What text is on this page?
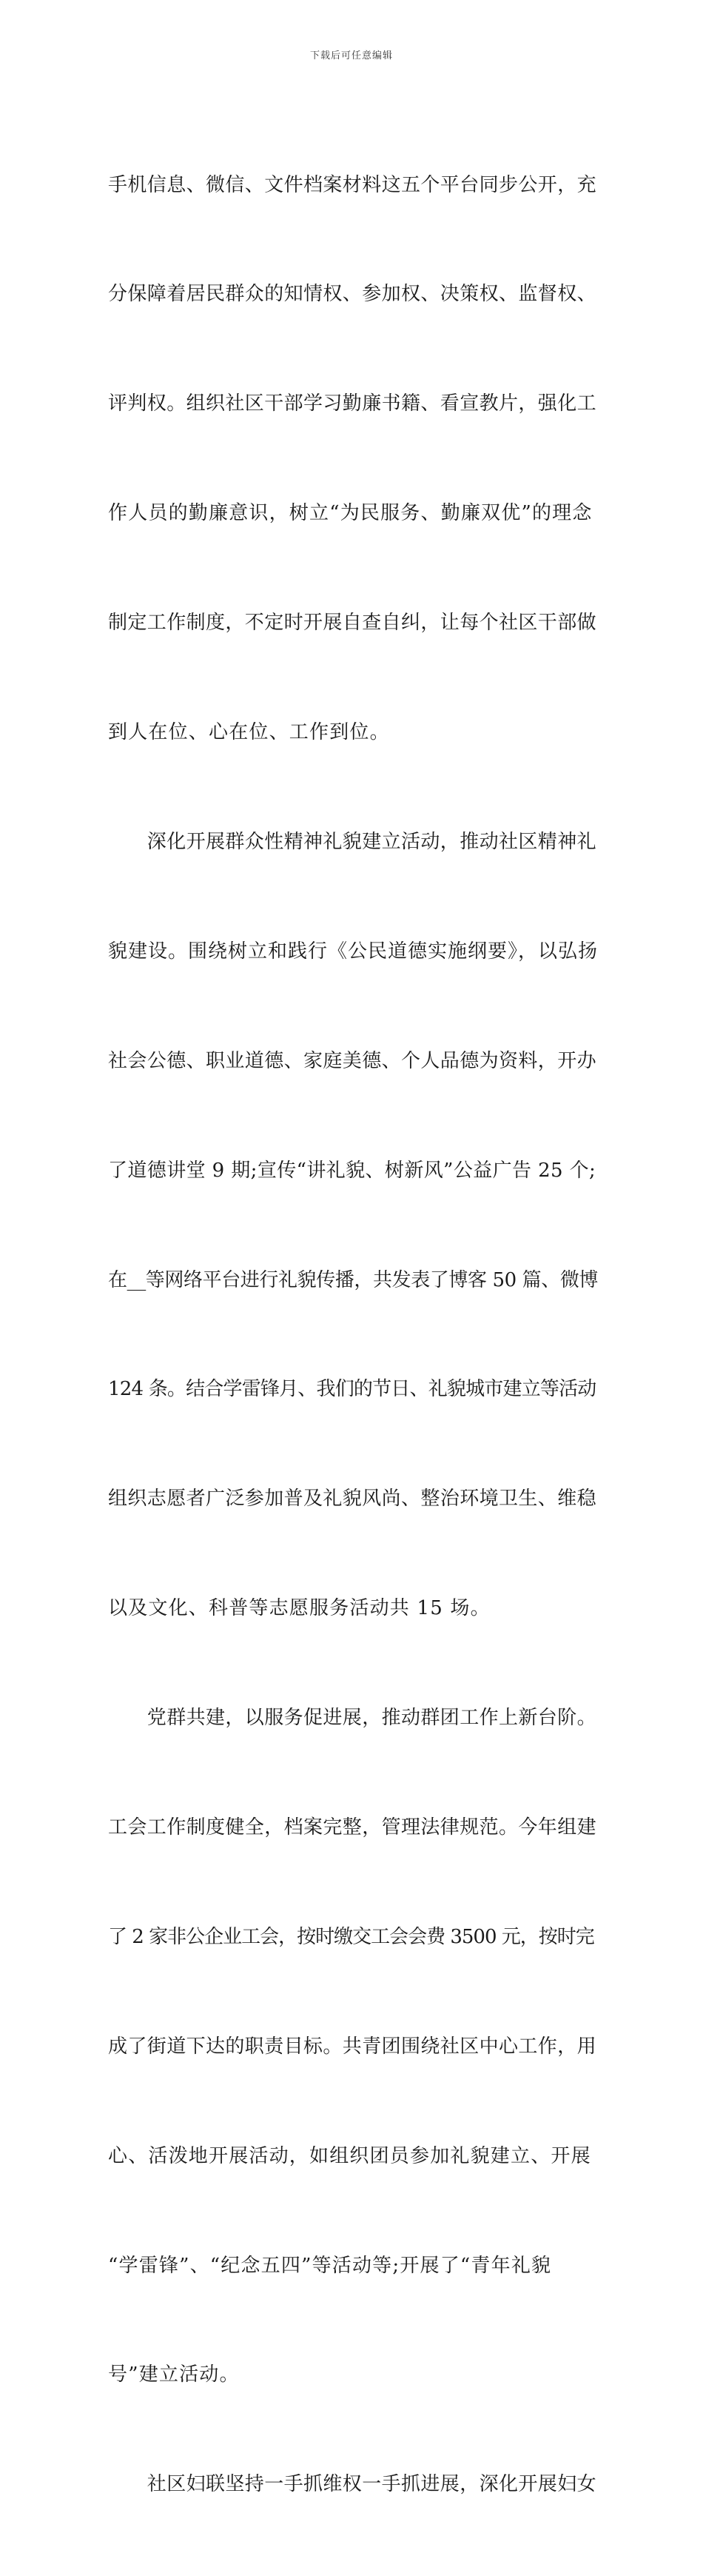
下载后可任意编辑

手机信息、微信、文件档案材料这五个平台同步公开，充

分保障着居民群众的知情权、参加权、决策权、监督权、

评判权。组织社区干部学习勤廉书籍、看宣教片，强化工

作人员的勤廉意识，树立“为民服务、勤廉双优”的理念

制定工作制度，不定时开展自查自纠，让每个社区干部做

到人在位、心在位、工作到位。

　　深化开展群众性精神礼貌建立活动，推动社区精神礼

貌建设。围绕树立和践行《公民道德实施纲要》，以弘扬

社会公德、职业道德、家庭美德、个人品德为资料，开办

了道德讲堂 9 期;宣传“讲礼貌、树新风”公益广告 25 个;

在__等网络平台进行礼貌传播，共发表了博客 50 篇、微博

124 条。结合学雷锋月、我们的节日、礼貌城市建立等活动

组织志愿者广泛参加普及礼貌风尚、整治环境卫生、维稳

以及文化、科普等志愿服务活动共 15 场。

　　党群共建，以服务促进展，推动群团工作上新台阶。

工会工作制度健全，档案完整，管理法律规范。今年组建

了 2 家非公企业工会，按时缴交工会会费 3500 元，按时完

成了街道下达的职责目标。共青团围绕社区中心工作，用

心、活泼地开展活动，如组织团员参加礼貌建立、开展

“学雷锋”、“纪念五四”等活动等;开展了“青年礼貌

号”建立活动。

　　社区妇联坚持一手抓维权一手抓进展，深化开展妇女
